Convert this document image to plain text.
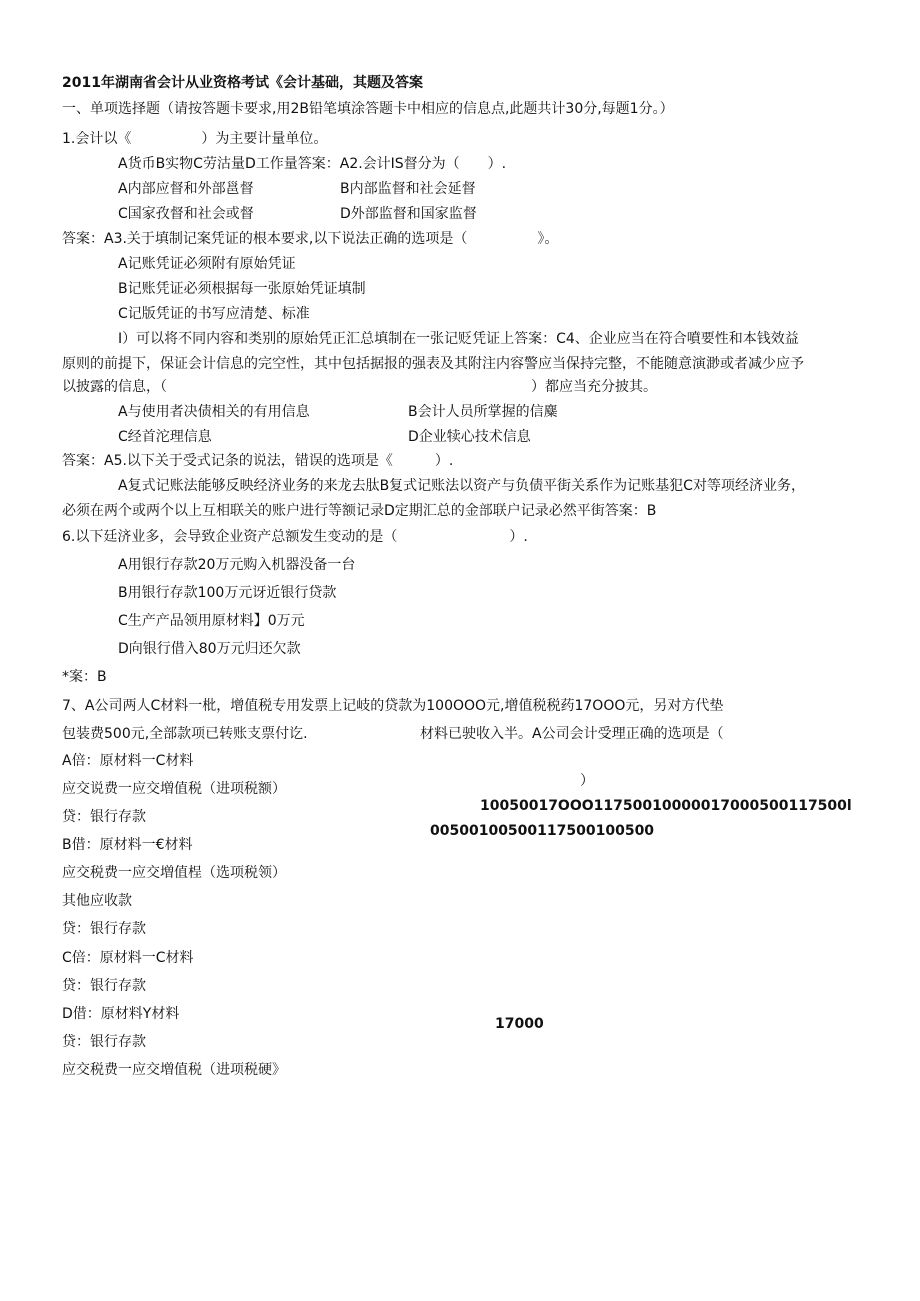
2011年湖南省会计从业资格考试《会计基础，其题及答案
一、单项选择题（请按答题卡要求,用2B铅笔填涂答题卡中相应的信息点,此题共计30分,每题1分。）
1.会计以《　　　　　）为主要计量单位。
A货币B实物C劳沽量D工作量答案：A2.会计IS督分为（　　）.
A内部应督和外部邕督	B内部监督和社会延督
C国家孜督和社会或督	D外部监督和国家监督
答案：A3.关于填制记案凭证的根本要求,以下说法正确的选项是（　　　　　》。
A记账凭证必须附有原始凭证
B记账凭证必须根据每一张原始凭证填制
C记版凭证的书写应清楚、标准
I）可以将不同内容和类别的原始凭正汇总填制在一张记贬凭证上答案：C4、企业应当在符合噴要性和本钱效益
原则的前提下，保证会计信息的完空性，其中包括据报的强表及其附注内容警应当保持完整，不能随意演渺或者减少应予
以披露的信息，（　　　　　　　　　　　　　　　　　　　　　　　　　　）都应当充分披其。
A与使用者决债相关的有用信息	B会计人员所掌握的信麋
C经首沱理信息	D企业犊心技术信息
答案：A5.以下关于受式记条的说法，错误的选项是《　　　）.
A复式记账法能够反映经济业务的来龙去肽B复式记账法以资产与负债平街关系作为记账基犯C对等项经济业务，
必须在两个或两个以上互相联关的账户进行等额记录D定期汇总的金部联户记录必然平街答案：B
6.以下廷济业多，会导致企业资产总额发生变动的是（　　　　　　　　）.
A用银行存款20万元购入机器没备一台
B用银行存款100万元讶近银行贷款
C生产产品领用原材料】0万元
D向银行借入80万元归还欠款
*案：B
7、A公司两人C材料一枇，增值税专用发票上记岐的贷款为100OOO元,增值税税药17OOO元，另对方代垫
包装费500元,全部款项已转账支票付讫.	材料已驶收入半。A公司会计受理正确的选项是（
A倍：原材料一C材料
）
应交说费一应交増值税（进项税额）
10050017OOO11750010000017000500117500l
贷：银行存款
00500100500117500100500
B借：原材料一€材料
应交税费一应交増值桯（选项税领）
其他应收款
贷：银行存款
C倍：原材料一C材料
贷：银行存款
D借：原材料Y材料
17000
贷：银行存款
应交税费一应交増值税（进项税硬》
